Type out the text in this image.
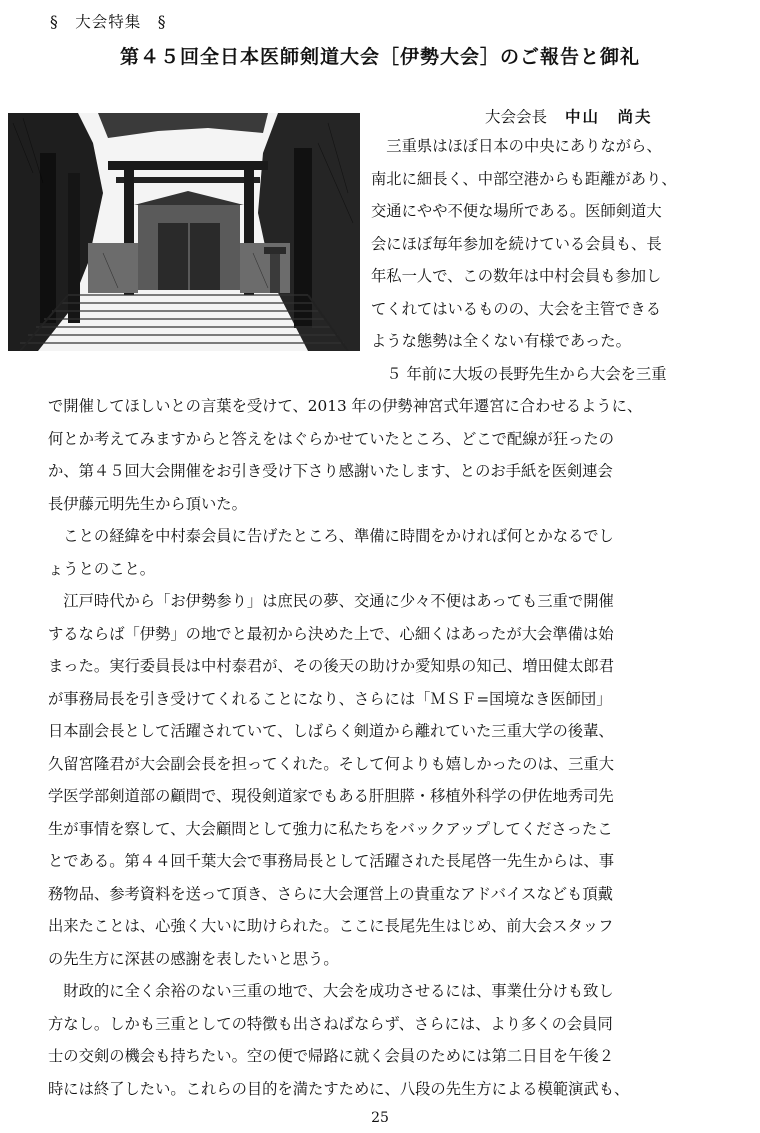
§　大会特集　§
第４５回全日本医師剣道大会［伊勢大会］のご報告と御礼
大会会長 中山　尚夫
　三重県はほぼ日本の中央にありながら、
南北に細長く、中部空港からも距離があり、
交通にやや不便な場所である。医師剣道大
会にほぼ毎年参加を続けている会員も、長
年私一人で、この数年は中村会員も参加し
てくれてはいるものの、大会を主管できる
ような態勢は全くない有様であった。
　５ 年前に大坂の長野先生から大会を三重
で開催してほしいとの言葉を受けて、2013 年の伊勢神宮式年遷宮に合わせるように、
何とか考えてみますからと答えをはぐらかせていたところ、どこで配線が狂ったの
か、第４５回大会開催をお引き受け下さり感謝いたします、とのお手紙を医剣連会
長伊藤元明先生から頂いた。
　ことの経緯を中村泰会員に告げたところ、準備に時間をかければ何とかなるでし
ょうとのこと。
　江戸時代から「お伊勢参り」は庶民の夢、交通に少々不便はあっても三重で開催
するならば「伊勢」の地でと最初から決めた上で、心細くはあったが大会準備は始
まった。実行委員長は中村泰君が、その後天の助けか愛知県の知己、増田健太郎君
が事務局長を引き受けてくれることになり、さらには「ＭＳＦ=国境なき医師団」
日本副会長として活躍されていて、しばらく剣道から離れていた三重大学の後輩、
久留宮隆君が大会副会長を担ってくれた。そして何よりも嬉しかったのは、三重大
学医学部剣道部の顧問で、現役剣道家でもある肝胆膵・移植外科学の伊佐地秀司先
生が事情を察して、大会顧問として強力に私たちをバックアップしてくださったこ
とである。第４４回千葉大会で事務局長として活躍された長尾啓一先生からは、事
務物品、参考資料を送って頂き、さらに大会運営上の貴重なアドバイスなども頂戴
出来たことは、心強く大いに助けられた。ここに長尾先生はじめ、前大会スタッフ
の先生方に深甚の感謝を表したいと思う。
　財政的に全く余裕のない三重の地で、大会を成功させるには、事業仕分けも致し
方なし。しかも三重としての特徴も出さねばならず、さらには、より多くの会員同
士の交剣の機会も持ちたい。空の便で帰路に就く会員のためには第二日目を午後２
時には終了したい。これらの目的を満たすために、八段の先生方による模範演武も、
25
